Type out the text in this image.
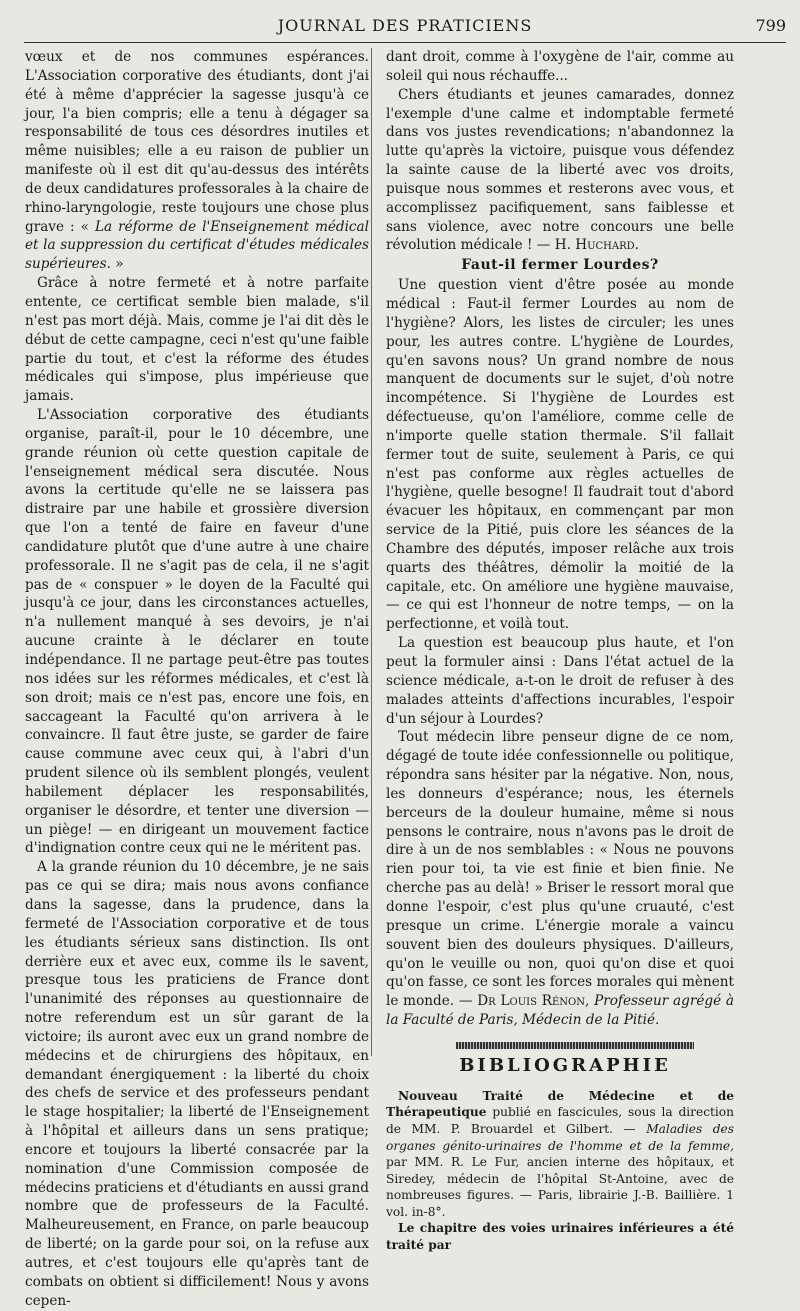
JOURNAL DES PRATICIENS	799

vœux et de nos communes espérances. L'Association corporative des étudiants, dont j'ai été à même d'apprécier la sagesse jusqu'à ce jour, l'a bien compris; elle a tenu à dégager sa responsabilité de tous ces désordres inutiles et même nuisibles; elle a eu raison de publier un manifeste où il est dit qu'au-dessus des intérêts de deux candidatures professorales à la chaire de rhino-laryngologie, reste toujours une chose plus grave : « La réforme de l'Enseignement médical et la suppression du certificat d'études médicales supérieures. »

Grâce à notre fermeté et à notre parfaite entente, ce certificat semble bien malade, s'il n'est pas mort déjà. Mais, comme je l'ai dit dès le début de cette campagne, ceci n'est qu'une faible partie du tout, et c'est la réforme des études médicales qui s'impose, plus impérieuse que jamais.

L'Association corporative des étudiants organise, paraît-il, pour le 10 décembre, une grande réunion où cette question capitale de l'enseignement médical sera discutée. Nous avons la certitude qu'elle ne se laissera pas distraire par une habile et grossière diversion que l'on a tenté de faire en faveur d'une candidature plutôt que d'une autre à une chaire professorale. Il ne s'agit pas de cela, il ne s'agit pas de « conspuer » le doyen de la Faculté qui jusqu'à ce jour, dans les circonstances actuelles, n'a nullement manqué à ses devoirs, je n'ai aucune crainte à le déclarer en toute indépendance. Il ne partage peut-être pas toutes nos idées sur les réformes médicales, et c'est là son droit; mais ce n'est pas, encore une fois, en saccageant la Faculté qu'on arrivera à le convaincre. Il faut être juste, se garder de faire cause commune avec ceux qui, à l'abri d'un prudent silence où ils semblent plongés, veulent habilement déplacer les responsabilités, organiser le désordre, et tenter une diversion — un piège! — en dirigeant un mouvement factice d'indignation contre ceux qui ne le méritent pas.

A la grande réunion du 10 décembre, je ne sais pas ce qui se dira; mais nous avons confiance dans la sagesse, dans la prudence, dans la fermeté de l'Association corporative et de tous les étudiants sérieux sans distinction. Ils ont derrière eux et avec eux, comme ils le savent, presque tous les praticiens de France dont l'unanimité des réponses au questionnaire de notre referendum est un sûr garant de la victoire; ils auront avec eux un grand nombre de médecins et de chirurgiens des hôpitaux, en demandant énergiquement : la liberté du choix des chefs de service et des professeurs pendant le stage hospitalier; la liberté de l'Enseignement à l'hôpital et ailleurs dans un sens pratique; encore et toujours la liberté consacrée par la nomination d'une Commission composée de médecins praticiens et d'étudiants en aussi grand nombre que de professeurs de la Faculté. Malheureusement, en France, on parle beaucoup de liberté; on la garde pour soi, on la refuse aux autres, et c'est toujours elle qu'après tant de combats on obtient si difficilement! Nous y avons cepen-

dant droit, comme à l'oxygène de l'air, comme au soleil qui nous réchauffe...

Chers étudiants et jeunes camarades, donnez l'exemple d'une calme et indomptable fermeté dans vos justes revendications; n'abandonnez la lutte qu'après la victoire, puisque vous défendez la sainte cause de la liberté avec vos droits, puisque nous sommes et resterons avec vous, et accomplissez pacifiquement, sans faiblesse et sans violence, avec notre concours une belle révolution médicale ! — H. Huchard.

Faut-il fermer Lourdes?

Une question vient d'être posée au monde médical : Faut-il fermer Lourdes au nom de l'hygiène? Alors, les listes de circuler; les unes pour, les autres contre. L'hygiène de Lourdes, qu'en savons nous? Un grand nombre de nous manquent de documents sur le sujet, d'où notre incompétence. Si l'hygiène de Lourdes est défectueuse, qu'on l'améliore, comme celle de n'importe quelle station thermale. S'il fallait fermer tout de suite, seulement à Paris, ce qui n'est pas conforme aux règles actuelles de l'hygiène, quelle besogne! Il faudrait tout d'abord évacuer les hôpitaux, en commençant par mon service de la Pitié, puis clore les séances de la Chambre des députés, imposer relâche aux trois quarts des théâtres, démolir la moitié de la capitale, etc. On améliore une hygiène mauvaise, — ce qui est l'honneur de notre temps, — on la perfectionne, et voilà tout.

La question est beaucoup plus haute, et l'on peut la formuler ainsi : Dans l'état actuel de la science médicale, a-t-on le droit de refuser à des malades atteints d'affections incurables, l'espoir d'un séjour à Lourdes?

Tout médecin libre penseur digne de ce nom, dégagé de toute idée confessionnelle ou politique, répondra sans hésiter par la négative. Non, nous, les donneurs d'espérance; nous, les éternels berceurs de la douleur humaine, même si nous pensons le contraire, nous n'avons pas le droit de dire à un de nos semblables : « Nous ne pouvons rien pour toi, ta vie est finie et bien finie. Ne cherche pas au delà! » Briser le ressort moral que donne l'espoir, c'est plus qu'une cruauté, c'est presque un crime. L'énergie morale a vaincu souvent bien des douleurs physiques. D'ailleurs, qu'on le veuille ou non, quoi qu'on dise et quoi qu'on fasse, ce sont les forces morales qui mènent le monde. — Dr Louis Rénon, Professeur agrégé à la Faculté de Paris, Médecin de la Pitié.

BIBLIOGRAPHIE

Nouveau Traité de Médecine et de Thérapeutique publié en fascicules, sous la direction de MM. P. Brouardel et Gilbert. — Maladies des organes génito-urinaires de l'homme et de la femme, par MM. R. Le Fur, ancien interne des hôpitaux, et Siredey, médecin de l'hôpital St-Antoine, avec de nombreuses figures. — Paris, librairie J.-B. Baillière. 1 vol. in-8°.

Le chapitre des voies urinaires inférieures a été traité par
